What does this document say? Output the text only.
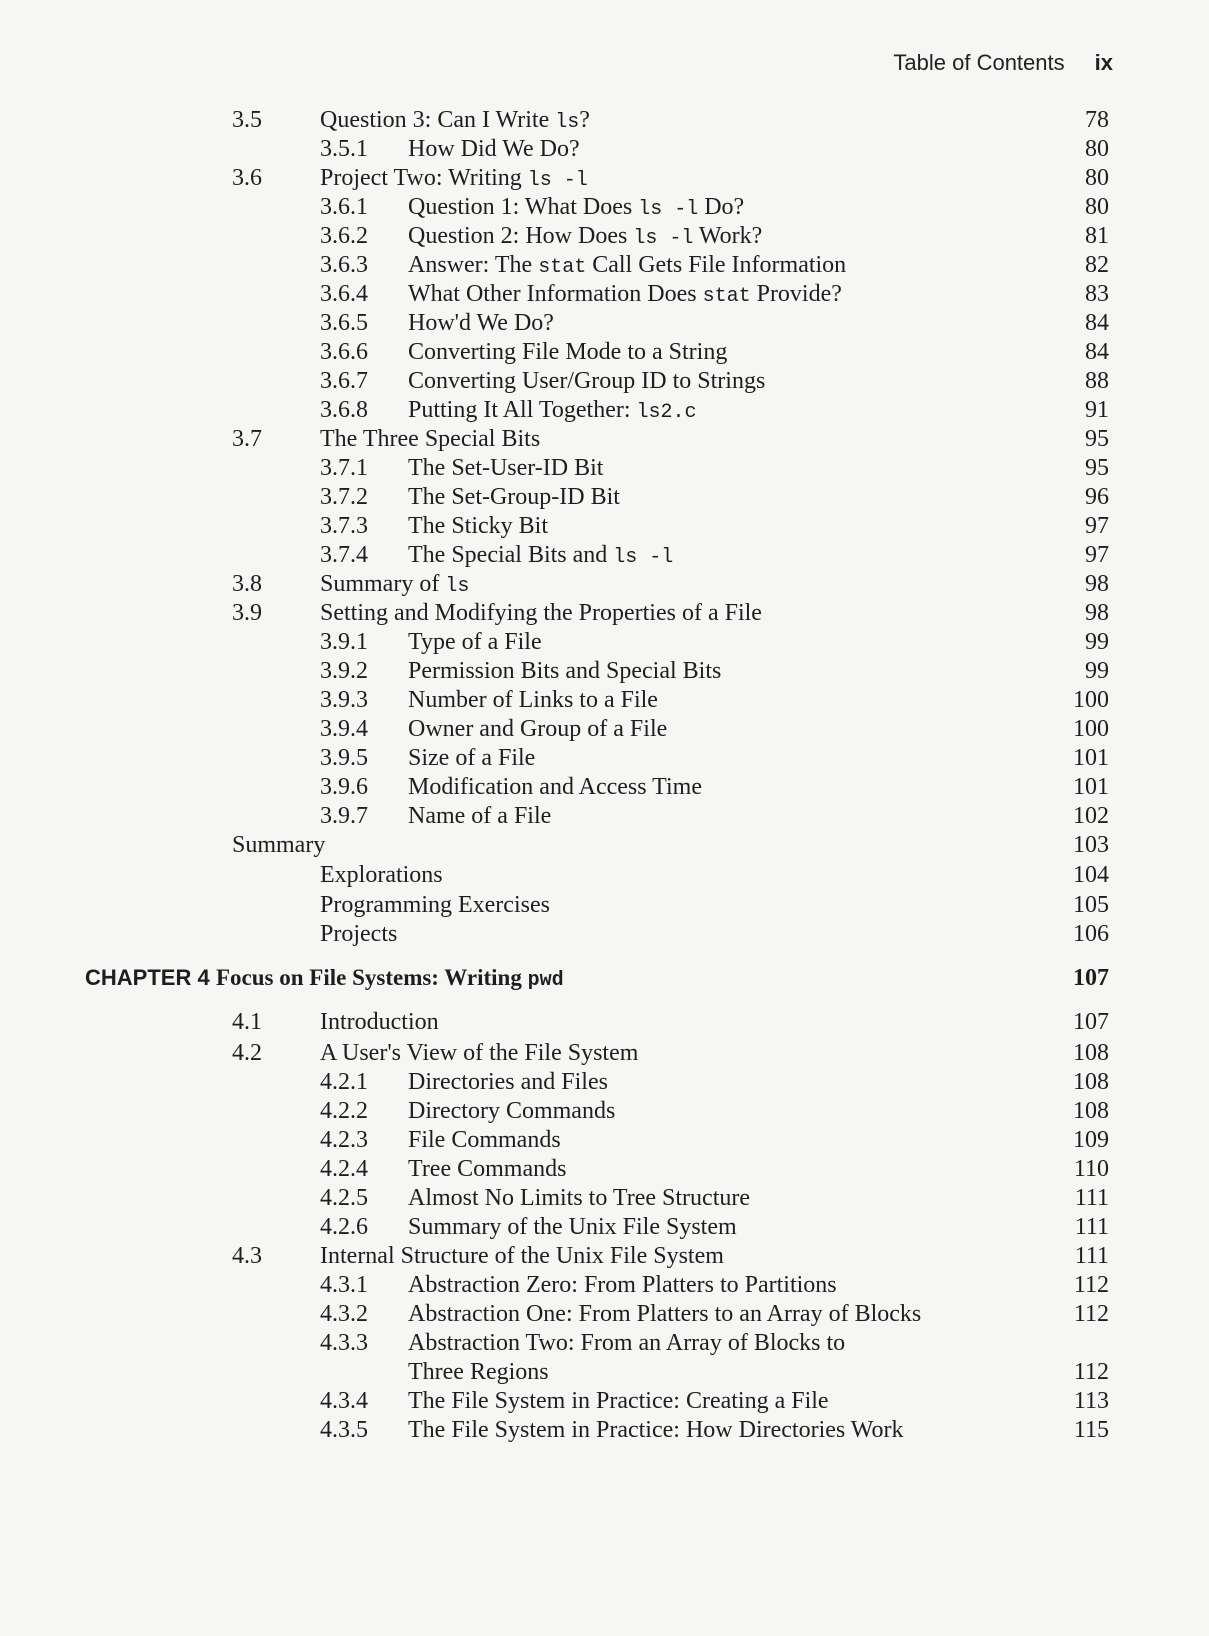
Table of Contents ix
3.5 Question 3: Can I Write ls?	78
3.5.1 How Did We Do?	80
3.6 Project Two: Writing ls -l	80
3.6.1 Question 1: What Does ls -l Do?	80
3.6.2 Question 2: How Does ls -l Work?	81
3.6.3 Answer: The stat Call Gets File Information	82
3.6.4 What Other Information Does stat Provide?	83
3.6.5 How'd We Do?	84
3.6.6 Converting File Mode to a String	84
3.6.7 Converting User/Group ID to Strings	88
3.6.8 Putting It All Together: ls2.c	91
3.7 The Three Special Bits	95
3.7.1 The Set-User-ID Bit	95
3.7.2 The Set-Group-ID Bit	96
3.7.3 The Sticky Bit	97
3.7.4 The Special Bits and ls -l	97
3.8 Summary of ls	98
3.9 Setting and Modifying the Properties of a File	98
3.9.1 Type of a File	99
3.9.2 Permission Bits and Special Bits	99
3.9.3 Number of Links to a File	100
3.9.4 Owner and Group of a File	100
3.9.5 Size of a File	101
3.9.6 Modification and Access Time	101
3.9.7 Name of a File	102
Summary	103
Explorations	104
Programming Exercises	105
Projects	106
CHAPTER 4 Focus on File Systems: Writing pwd	107
4.1 Introduction	107
4.2 A User's View of the File System	108
4.2.1 Directories and Files	108
4.2.2 Directory Commands	108
4.2.3 File Commands	109
4.2.4 Tree Commands	110
4.2.5 Almost No Limits to Tree Structure	111
4.2.6 Summary of the Unix File System	111
4.3 Internal Structure of the Unix File System	111
4.3.1 Abstraction Zero: From Platters to Partitions	112
4.3.2 Abstraction One: From Platters to an Array of Blocks	112
4.3.3 Abstraction Two: From an Array of Blocks to
Three Regions	112
4.3.4 The File System in Practice: Creating a File	113
4.3.5 The File System in Practice: How Directories Work	115
